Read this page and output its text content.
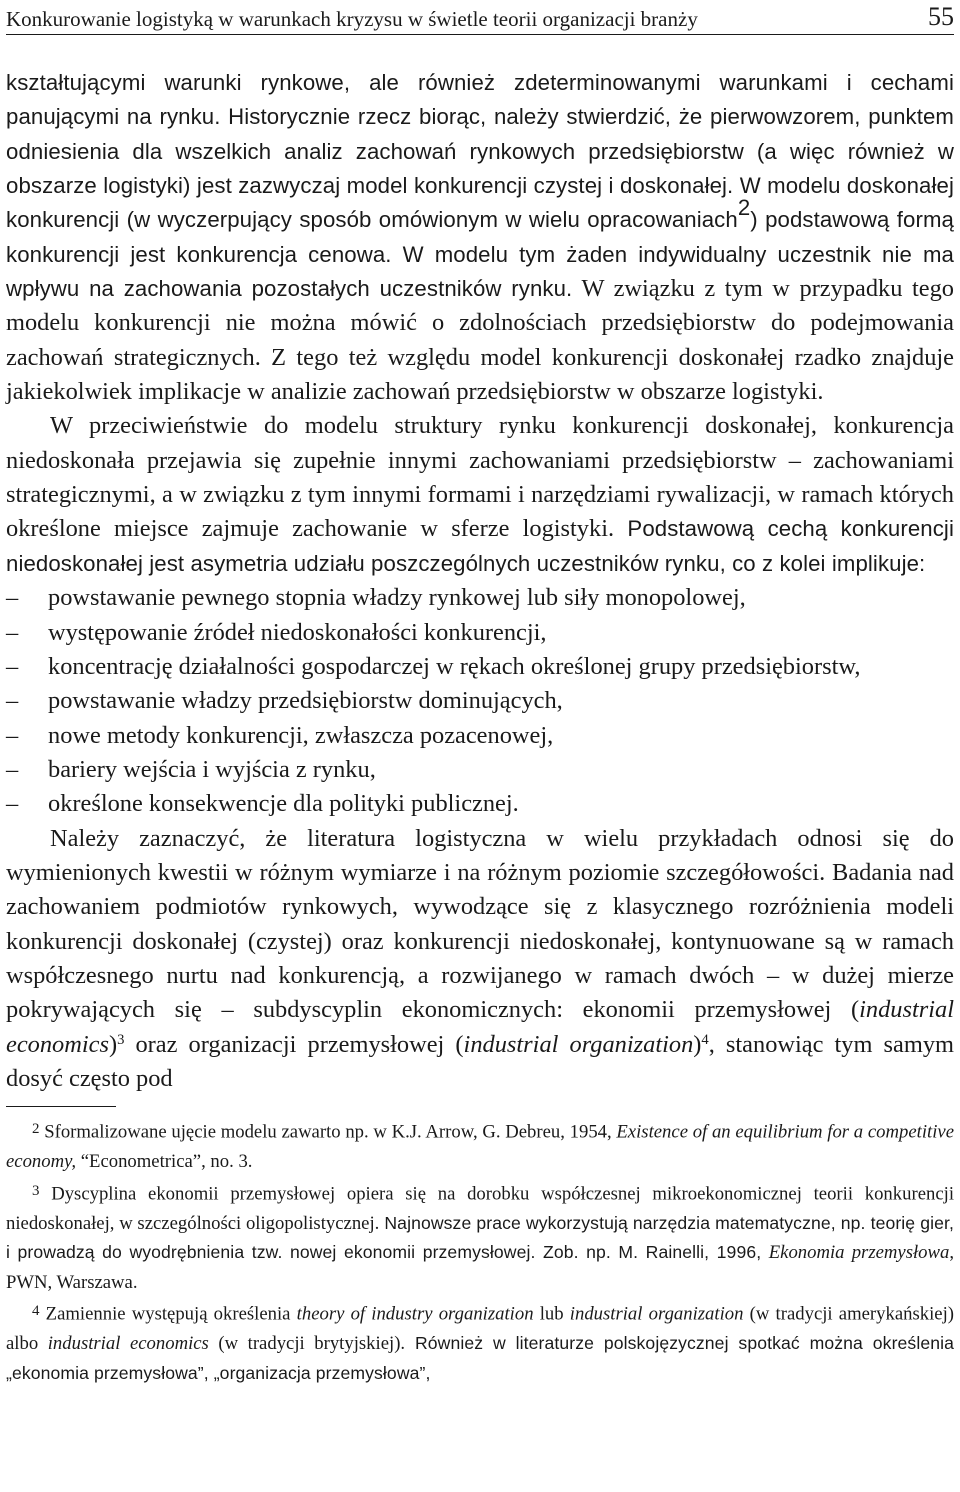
Konkurowanie logistyką w warunkach kryzysu w świetle teorii organizacji branży	55

kształtującymi warunki rynkowe, ale również zdeterminowanymi warunkami i cechami panującymi na rynku. Historycznie rzecz biorąc, należy stwierdzić, że pierwowzorem, punktem odniesienia dla wszelkich analiz zachowań rynkowych przedsiębiorstw (a więc również w obszarze logistyki) jest zazwyczaj model konkurencji czystej i doskonałej. W modelu doskonałej konkurencji (w wyczerpujący sposób omówionym w wielu opracowaniach$^2$) podstawową formą konkurencji jest konkurencja cenowa. W modelu tym żaden indywidualny uczestnik nie ma wpływu na zachowania pozostałych uczestników rynku. W związku z tym w przypadku tego modelu konkurencji nie można mówić o zdolnościach przedsiębiorstw do podejmowania zachowań strategicznych. Z tego też względu model konkurencji doskonałej rzadko znajduje jakiekolwiek implikacje w analizie zachowań przedsiębiorstw w obszarze logistyki.

W przeciwieństwie do modelu struktury rynku konkurencji doskonałej, konkurencja niedoskonała przejawia się zupełnie innymi zachowaniami przedsiębiorstw – zachowaniami strategicznymi, a w związku z tym innymi formami i narzędziami rywalizacji, w ramach których określone miejsce zajmuje zachowanie w sferze logistyki. Podstawową cechą konkurencji niedoskonałej jest asymetria udziału poszczególnych uczestników rynku, co z kolei implikuje:

– powstawanie pewnego stopnia władzy rynkowej lub siły monopolowej,
– występowanie źródeł niedoskonałości konkurencji,
– koncentrację działalności gospodarczej w rękach określonej grupy przedsiębiorstw,
– powstawanie władzy przedsiębiorstw dominujących,
– nowe metody konkurencji, zwłaszcza pozacenowej,
– bariery wejścia i wyjścia z rynku,
– określone konsekwencje dla polityki publicznej.

Należy zaznaczyć, że literatura logistyczna w wielu przykładach odnosi się do wymienionych kwestii w różnym wymiarze i na różnym poziomie szczegółowości. Badania nad zachowaniem podmiotów rynkowych, wywodzące się z klasycznego rozróżnienia modeli konkurencji doskonałej (czystej) oraz konkurencji niedoskonałej, kontynuowane są w ramach współczesnego nurtu nad konkurencją, a rozwijanego w ramach dwóch – w dużej mierze pokrywających się – subdyscyplin ekonomicznych: ekonomii przemysłowej (industrial economics)$^3$ oraz organizacji przemysłowej (industrial organization)$^4$, stanowiąc tym samym dosyć często pod

$^2$ Sformalizowane ujęcie modelu zawarto np. w K.J. Arrow, G. Debreu, 1954, Existence of an equilibrium for a competitive economy, “Econometrica”, no. 3.

$^3$ Dyscyplina ekonomii przemysłowej opiera się na dorobku współczesnej mikroekonomicznej teorii konkurencji niedoskonałej, w szczególności oligopolistycznej. Najnowsze prace wykorzystują narzędzia matematyczne, np. teorię gier, i prowadzą do wyodrębnienia tzw. nowej ekonomii przemysłowej. Zob. np. M. Rainelli, 1996, Ekonomia przemysłowa, PWN, Warszawa.

$^4$ Zamiennie występują określenia theory of industry organization lub industrial organization (w tradycji amerykańskiej) albo industrial economics (w tradycji brytyjskiej). Również w literaturze polskojęzycznej spotkać można określenia „ekonomia przemysłowa”, „organizacja przemysłowa”,
